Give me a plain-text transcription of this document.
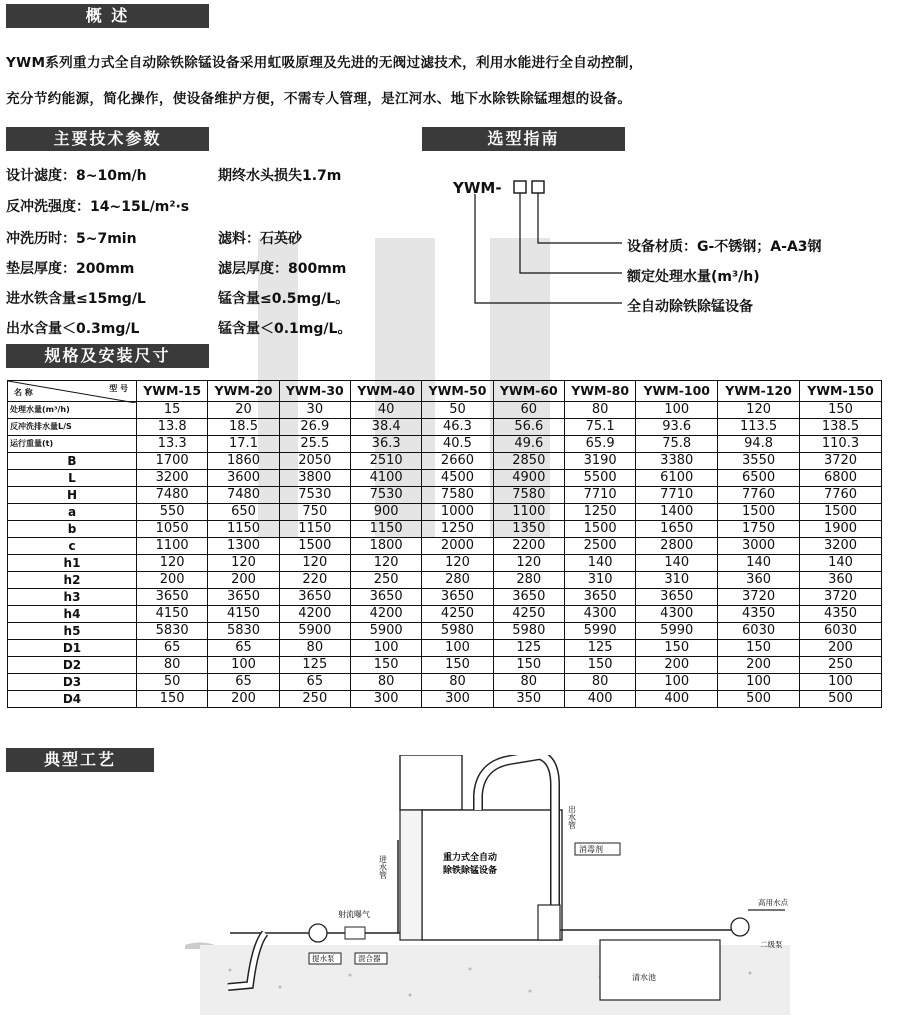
概 述
YWM系列重力式全自动除铁除锰设备采用虹吸原理及先进的无阀过滤技术，利用水能进行全自动控制，
充分节约能源，简化操作，使设备维护方便，不需专人管理，是江河水、地下水除铁除锰理想的设备。
主要技术参数
设计滤度：8~10m/h	期终水头损失1.7m
反冲洗强度：14~15L/m²·s
冲洗历时：5~7min	滤料：石英砂
垫层厚度：200mm	滤层厚度：800mm
进水铁含量≤15mg/L	锰含量≤0.5mg/L。
出水含量＜0.3mg/L	锰含量＜0.1mg/L。
选型指南
YWM-
设备材质：G-不锈钢；A-A3钢
额定处理水量(m³/h)
全自动除铁除锰设备
规格及安装尺寸
型 号
名 称	YWM-15	YWM-20	YWM-30	YWM-40	YWM-50	YWM-60	YWM-80	YWM-100	YWM-120	YWM-150
处理水量(m³/h)	15	20	30	40	50	60	80	100	120	150
反冲洗排水量L/S	13.8	18.5	26.9	38.4	46.3	56.6	75.1	93.6	113.5	138.5
运行重量(t)	13.3	17.1	25.5	36.3	40.5	49.6	65.9	75.8	94.8	110.3
B	1700	1860	2050	2510	2660	2850	3190	3380	3550	3720
L	3200	3600	3800	4100	4500	4900	5500	6100	6500	6800
H	7480	7480	7530	7530	7580	7580	7710	7710	7760	7760
a	550	650	750	900	1000	1100	1250	1400	1500	1500
b	1050	1150	1150	1150	1250	1350	1500	1650	1750	1900
c	1100	1300	1500	1800	2000	2200	2500	2800	3000	3200
h1	120	120	120	120	120	120	140	140	140	140
h2	200	200	220	250	280	280	310	310	360	360
h3	3650	3650	3650	3650	3650	3650	3650	3650	3720	3720
h4	4150	4150	4200	4200	4250	4250	4300	4300	4350	4350
h5	5830	5830	5900	5900	5980	5980	5990	5990	6030	6030
D1	65	65	80	100	100	125	125	150	150	200
D2	80	100	125	150	150	150	150	200	200	250
D3	50	65	65	80	80	80	80	100	100	100
D4	150	200	250	300	300	350	400	400	500	500
典型工艺
重力式全自动
除铁除锰设备
进水管
出水管
消毒剂
射流曝气
提水泵	混合器
清水池
高用水点
二级泵
